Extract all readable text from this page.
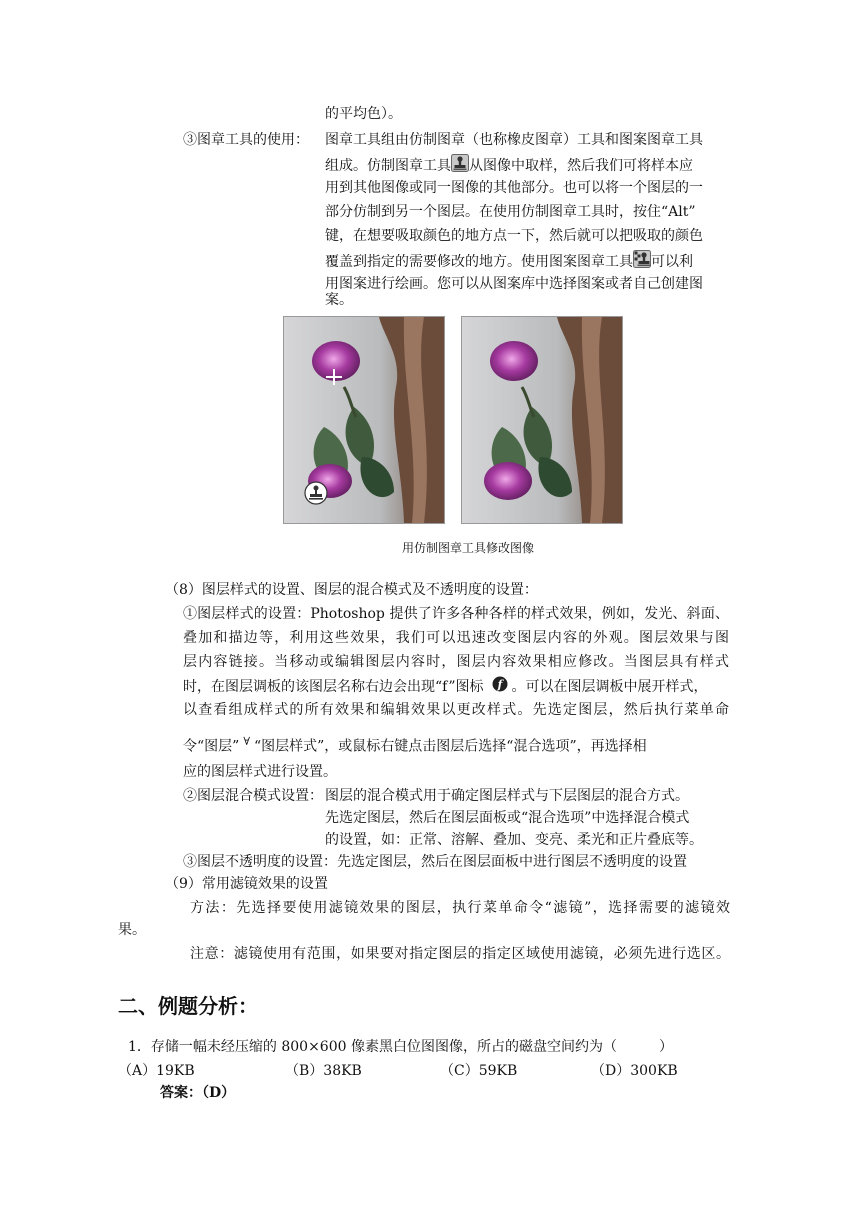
的平均色）。
③图章工具的使用： 图章工具组由仿制图章（也称橡皮图章）工具和图案图章工具
组成。仿制图章工具 从图像中取样，然后我们可将样本应
用到其他图像或同一图像的其他部分。也可以将一个图层的一
部分仿制到另一个图层。在使用仿制图章工具时，按住“Alt”
键，在想要吸取颜色的地方点一下，然后就可以把吸取的颜色
覆盖到指定的需要修改的地方。使用图案图章工具 可以利
用图案进行绘画。您可以从图案库中选择图案或者自己创建图
案。
用仿制图章工具修改图像
（8）图层样式的设置、图层的混合模式及不透明度的设置：
①图层样式的设置：Photoshop 提供了许多各种各样的样式效果，例如，发光、斜面、
叠加和描边等，利用这些效果，我们可以迅速改变图层内容的外观。图层效果与图
层内容链接。当移动或编辑图层内容时，图层内容效果相应修改。当图层具有样式
时，在图层调板的该图层名称右边会出现“f”图标 f 。可以在图层调板中展开样式，
以查看组成样式的所有效果和编辑效果以更改样式。先选定图层，然后执行菜单命
令“图层” ∀ “图层样式”，或鼠标右键点击图层后选择“混合选项”，再选择相
应的图层样式进行设置。
②图层混合模式设置： 图层的混合模式用于确定图层样式与下层图层的混合方式。
先选定图层，然后在图层面板或“混合选项”中选择混合模式
的设置，如：正常、溶解、叠加、变亮、柔光和正片叠底等。
③图层不透明度的设置：先选定图层，然后在图层面板中进行图层不透明度的设置
（9）常用滤镜效果的设置
方法：先选择要使用滤镜效果的图层，执行菜单命令“滤镜”，选择需要的滤镜效
果。
注意：滤镜使用有范围，如果要对指定图层的指定区域使用滤镜，必须先进行选区。
二、例题分析：
1．存储一幅未经压缩的 800×600 像素黑白位图图像，所占的磁盘空间约为（　　　）
（A）19KB	（B）38KB	（C）59KB	（D）300KB
答案：（D）
